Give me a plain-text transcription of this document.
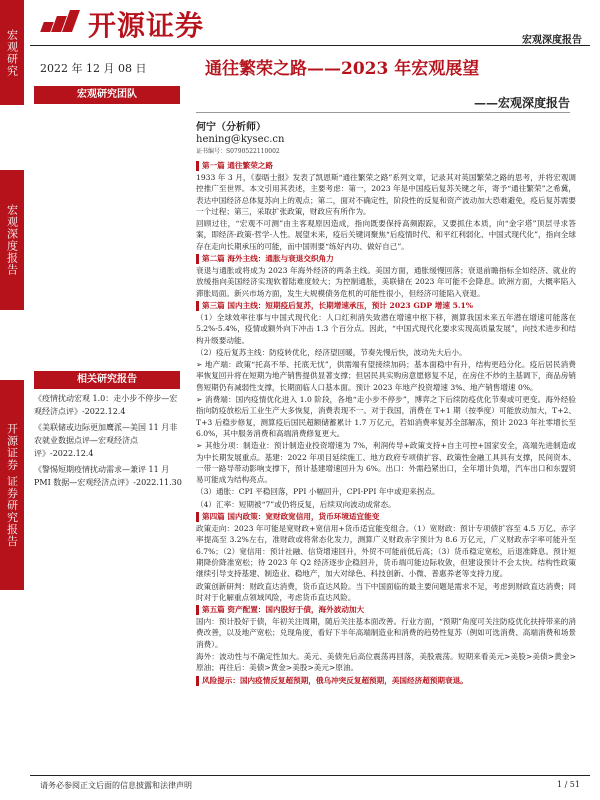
宏观研究
宏观深度报告
开源证券 证券研究报告
开源证券	宏观深度报告
2022 年 12 月 08 日
宏观研究团队
相关研究报告
《疫情扰动宏观 1.0：走小步不停步—宏观经济点评》-2022.12.4
《美联储或边际更加鹰派—美国 11 月非农就业数据点评—宏观经济点评》-2022.12.4
《警惕短期疫情扰动需求—兼评 11 月 PMI 数据—宏观经济点评》-2022.11.30
通往繁荣之路——2023 年宏观展望
——宏观深度报告
何宁（分析师）
hening@kysec.cn
证书编号：S0790522110002
第一篇 通往繁荣之路

1933 年 3 月，《泰晤士报》发表了凯恩斯“通往繁荣之路”系列文章，记录其对英国繁荣之路的思考，并将宏观调控推广至世界。本文引用其表述，主要考虑：第一，2023 年是中国疫后复苏关键之年，寄予“通往繁荣”之希冀，表达中国经济总体复苏向上的观点；第二，面对不确定性，阶段性的反复和资产波动加大恐难避免，疫后复苏需要一个过程；第三，采取扩张政策，财政应有所作为。

回顾过往，“宏观不可测”由主客观原因造成，指向既要保持高频跟踪，又要抓住本质，向“金字塔”顶层寻求答案，即经济-政策-哲学-人性。展望未来，疫后关键词聚焦“后疫情时代、和平红利弱化、中国式现代化”，指向全球存在走向长期承压的可能，而中国则要“练好内功、做好自己”。

第二篇 海外主线：通胀与衰退交织角力

衰退与通胀或将成为 2023 年海外经济的两条主线。美国方面，通胀缓慢回落；衰退前瞻指标全如经济、就业的放缓指向美国经济实现软着陆难度较大；为控制通胀，美联储在 2023 年可能不会降息。欧洲方面，大概率陷入滞胀局面。新兴市场方面，发生大规模债务危机的可能性很小，但经济可能陷入衰退。

第三篇 国内主线：短期疫后复苏，长期增速承压，预计 2023 GDP 增速 5.1%

（1）全球效率往事与中国式现代化：人口红利消失致潜在增速中枢下移，测算我国未来五年潜在增速可能落在 5.2%-5.4%，疫情或额外向下冲击 1.3 个百分点。因此，“中国式现代化要求实现高质量发展”，向技术进步和结构升级要动能。

（2）疫后复苏主线：防疫转优化，经济望回暖，节奏先慢后快，波动先大后小。

➢ 地产端：政策“托高不举、托底无忧”，供需端有望接续加码；基本面稳中有升，结构更趋分化。疫后居民消费率恢复回升将在短期为地产销售提供显著支撑；但居民具实购房意愿修复不足，在房住不炒的主基调下，商品房销售短期仍有减弱性支撑，长期面临人口基本面。预计 2023 年地产投资增速 3%、地产销售增速 0%。

➢ 消费端：国内疫情优化进入 1.0 阶段，各地“走小步不停步”，博弈之下后续防疫优化节奏或可更变。海外经验指向防疫放松后工业生产大多恢复，消费表现不一。对于我国，消费在 T+1 期（按季度）可能放动加大，T+2、T+3 后稳步修复，测算疫后国民超额储蓄累计 1.7 万亿元，若如消费率复苏全部解冻，预计 2023 年社零增长至 6.0%，其中服务消费和高端消费修复更大。

➢ 其他分项：制造业：预计制造业投资增速为 7%，利润传导+政策支持+自主可控+国家安全，高端先进制造或为中长期发展重点。基建：2022 年项目延续施工、地方政府专项债扩容、政策性金融工具具有支撑，民间资本、一带一路导带动影响支撑下，预计基建增速回升为 6%。出口：外需趋紧出口，全年增计负增，汽车出口和东盟贸易可能成为结构亮点。

（3）通胀：CPI 平稳回落，PPI 小幅回升，CPI-PPI 年中或迎来拐点。

（4）汇率：短期被“7”或仍将反复，后续双向波动成常态。

第四篇 国内政策：宽财政宽信用，货币环境适宜能变

政策走向：2023 年可能是宽财政+宽信用+货币适宜能变组合。（1）宽财政：预计专项债扩容至 4.5 万亿、赤字率提高至 3.2%左右，准财政或将常态化发力，测算广义财政赤字预计为 8.6 万亿元，广义财政赤字率可能升至 6.7%；（2）宽信用：预计社融、信贷增速回升，外贸不可能前低后高；（3）货币稳定宽松，后退准降息。预计短期降价降准宽松；待 2023 年 Q2 经济逐步企稳回升，货币端可能边际收敛，但建设预计不会太快。结构性政策继续引导支持基建、制造业、稳地产，加大对绿色、科技创新、小微、普惠养老等支持力度。

政策创新研判：财政直达消费，货币直达风险。当下中国面临的最主要问题是需求不足，考虑到财政直达消费；同时对于化解重点领域风险，考虑货币直达风险。

第五篇 资产配置：国内股好于债，海外波动加大

国内：预计股好于债，年初关注周期，随后关注基本面改善。行业方面，“预期”角度可关注防疫优化扶持带来的消费改善，以及地产宽松；兑现角度，看好下半年高端制造业和消费的趋势性复苏（例如可选消费、高端消费和场景消费）。

海外：波动性与不确定性加大。美元、美债先后高位震荡再回落，美股震荡。短期来看美元>美股>美债>黄金>原油；再往后：美债>黄金>美股>美元>原油。

风险提示：国内疫情反复超预期，俄乌冲突反复超预期，美国经济超预期衰退。
请务必参阅正文后面的信息披露和法律声明	1 / 51
